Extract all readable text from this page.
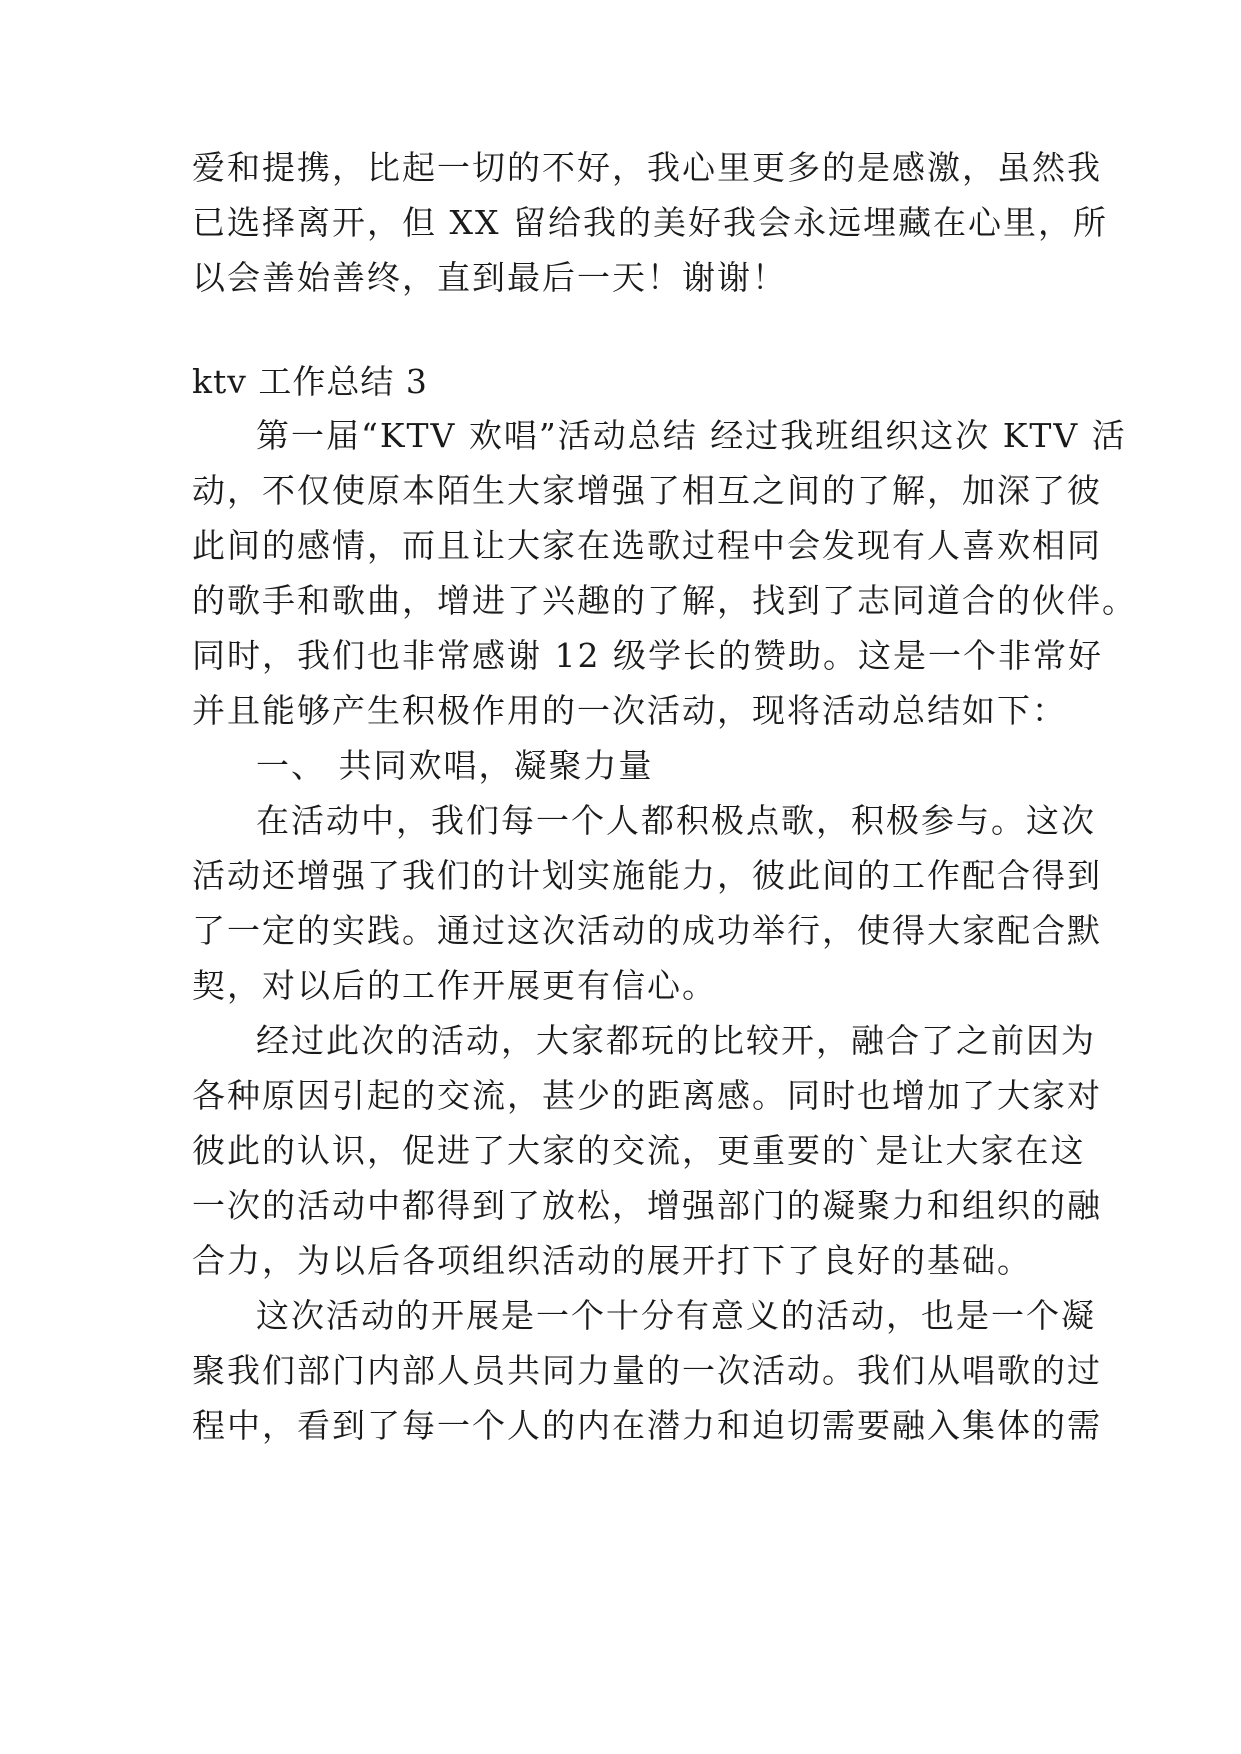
爱和提携，比起一切的不好，我心里更多的是感激，虽然我

已选择离开，但 XX 留给我的美好我会永远埋藏在心里，所

以会善始善终，直到最后一天！谢谢！

ktv 工作总结 3

第一届“KTV 欢唱”活动总结 经过我班组织这次 KTV 活

动，不仅使原本陌生大家增强了相互之间的了解，加深了彼

此间的感情，而且让大家在选歌过程中会发现有人喜欢相同

的歌手和歌曲，增进了兴趣的了解，找到了志同道合的伙伴。

同时，我们也非常感谢 12 级学长的赞助。这是一个非常好

并且能够产生积极作用的一次活动，现将活动总结如下：

一、 共同欢唱，凝聚力量

在活动中，我们每一个人都积极点歌，积极参与。这次

活动还增强了我们的计划实施能力，彼此间的工作配合得到

了一定的实践。通过这次活动的成功举行，使得大家配合默

契，对以后的工作开展更有信心。

经过此次的活动，大家都玩的比较开，融合了之前因为

各种原因引起的交流，甚少的距离感。同时也增加了大家对

彼此的认识，促进了大家的交流，更重要的`是让大家在这

一次的活动中都得到了放松，增强部门的凝聚力和组织的融

合力，为以后各项组织活动的展开打下了良好的基础。

这次活动的开展是一个十分有意义的活动，也是一个凝

聚我们部门内部人员共同力量的一次活动。我们从唱歌的过

程中，看到了每一个人的内在潜力和迫切需要融入集体的需
